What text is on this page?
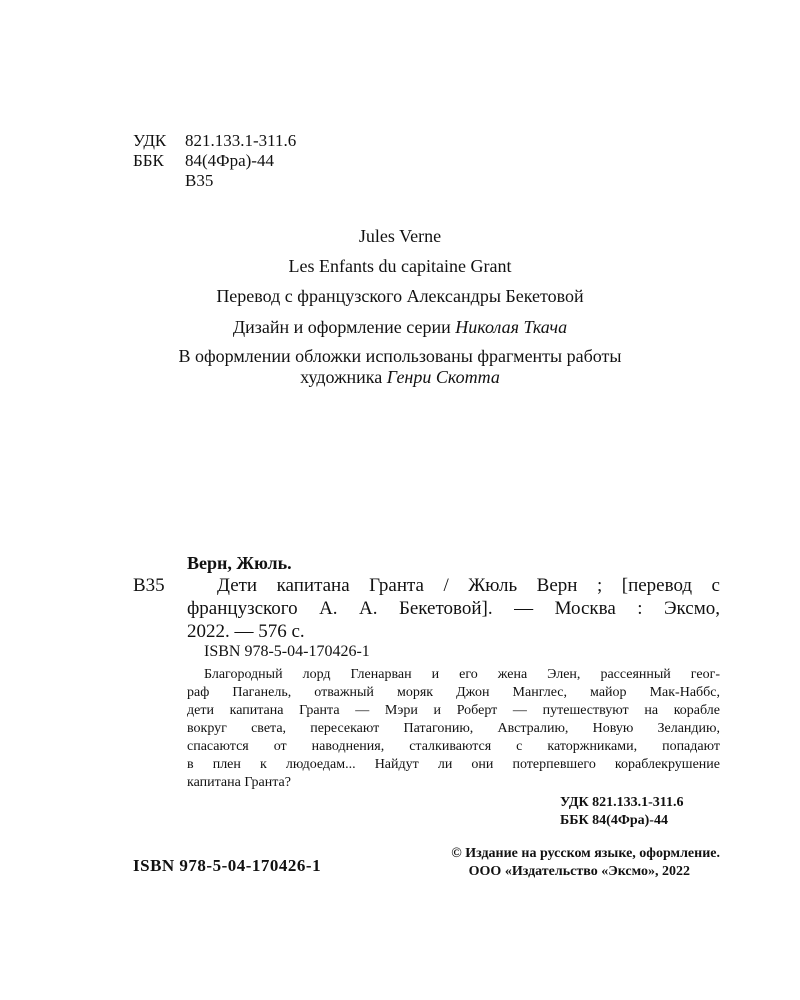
УДК 821.133.1-311.6
ББК 84(4Фра)-44
В35
Jules Verne
Les Enfants du capitaine Grant
Перевод с французского Александры Бекетовой
Дизайн и оформление серии Николая Ткача
В оформлении обложки использованы фрагменты работы
художника Генри Скотта
Верн, Жюль.
В35	Дети капитана Гранта / Жюль Верн ; [перевод с
французского А. А. Бекетовой]. — Москва : Эксмо,
2022. — 576 с.
ISBN 978-5-04-170426-1
Благородный лорд Гленарван и его жена Элен, рассеянный геог-
раф Паганель, отважный моряк Джон Манглес, майор Мак-Наббс,
дети капитана Гранта — Мэри и Роберт — путешествуют на корабле
вокруг света, пересекают Патагонию, Австралию, Новую Зеландию,
спасаются от наводнения, сталкиваются с каторжниками, попадают
в плен к людоедам... Найдут ли они потерпевшего кораблекрушение
капитана Гранта?
УДК 821.133.1-311.6
ББК 84(4Фра)-44
© Издание на русском языке, оформление.
ООО «Издательство «Эксмо», 2022
ISBN 978-5-04-170426-1
